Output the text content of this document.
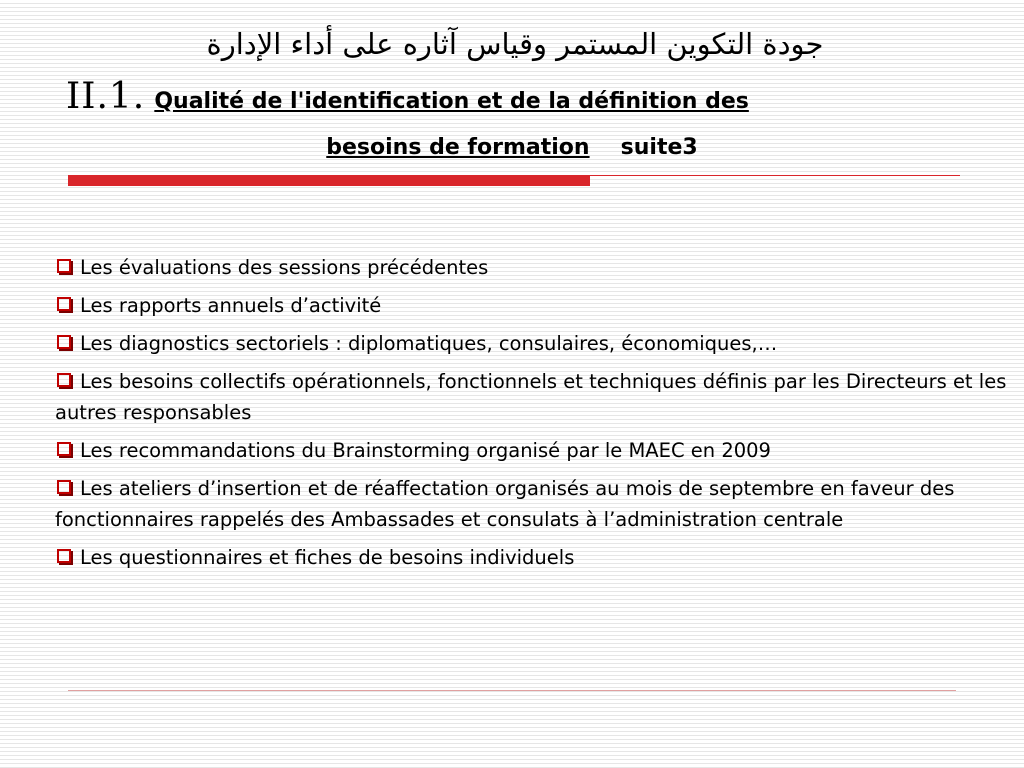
جودة التكوين المستمر وقياس آثاره على أداء الإدارة
II.1. Qualité de l'identification et de la définition des
besoins de formation suite3
Les évaluations des sessions précédentes
Les rapports annuels d’activité
Les diagnostics sectoriels : diplomatiques, consulaires, économiques,…
Les besoins collectifs opérationnels, fonctionnels et techniques définis par les Directeurs et les autres responsables
Les recommandations du Brainstorming organisé par le MAEC en 2009
Les ateliers d’insertion et de réaffectation organisés au mois de septembre en faveur des fonctionnaires rappelés des Ambassades et consulats à l’administration centrale
Les questionnaires et fiches de besoins individuels
